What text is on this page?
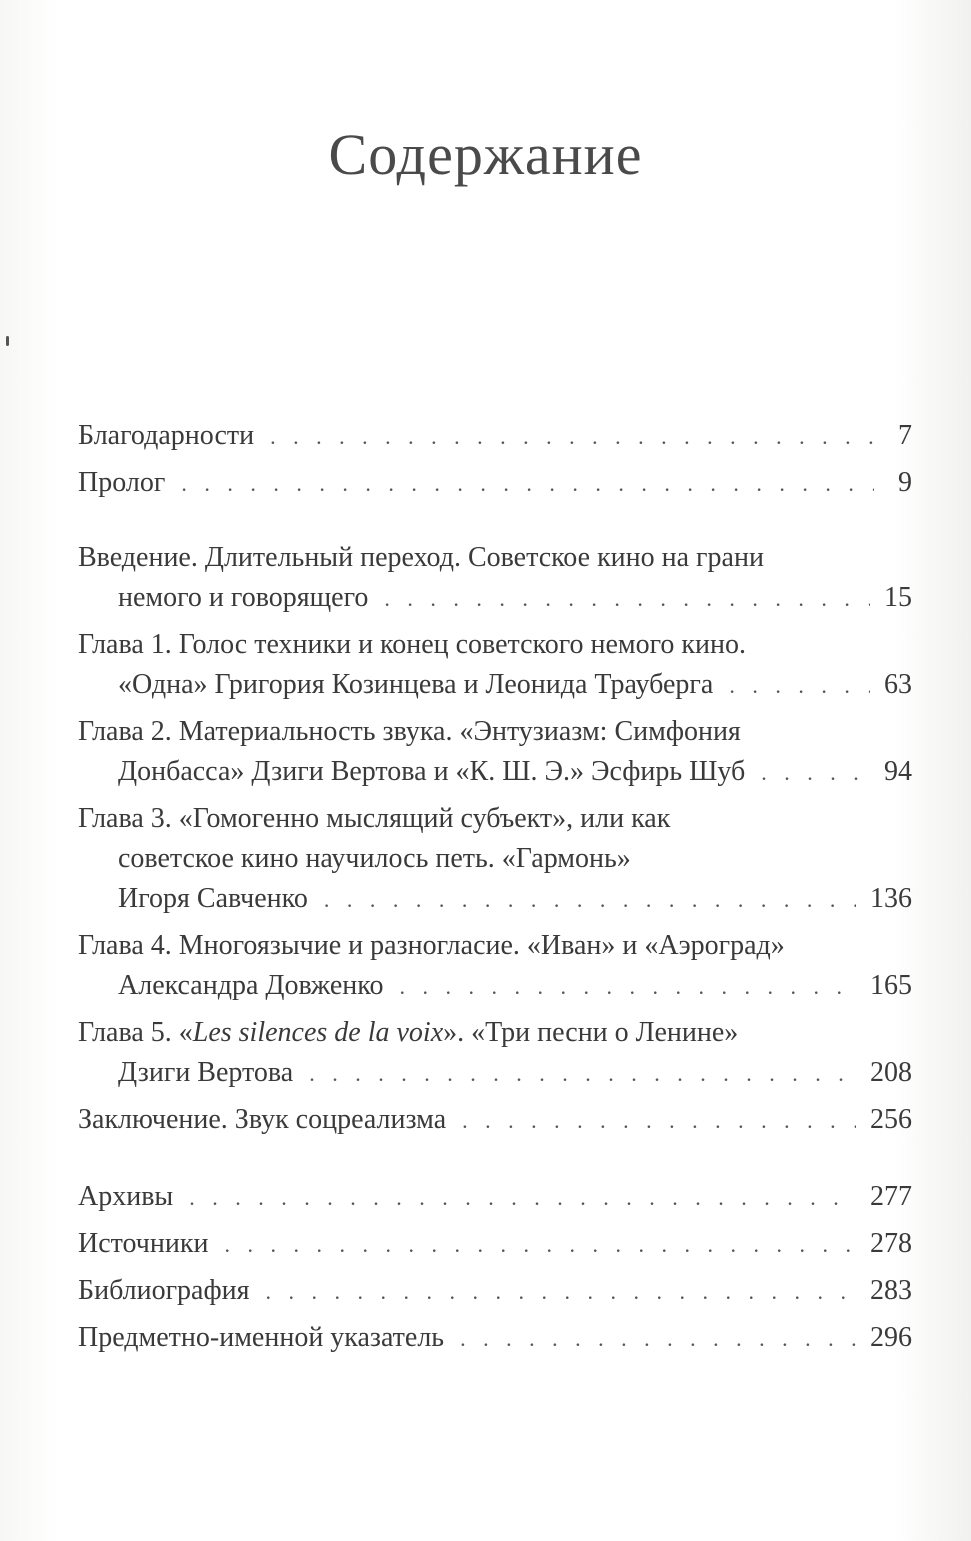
Содержание
Благодарности . . .	7
Пролог . . .	9
Введение. Длительный переход. Советское кино на грани
немого и говорящего . . .	15
Глава 1. Голос техники и конец советского немого кино.
«Одна» Григория Козинцева и Леонида Трауберга . . .	63
Глава 2. Материальность звука. «Энтузиазм: Симфония
Донбасса» Дзиги Вертова и «К. Ш. Э.» Эсфирь Шуб . . .	94
Глава 3. «Гомогенно мыслящий субъект», или как
советское кино научилось петь. «Гармонь»
Игоря Савченко . . .	136
Глава 4. Многоязычие и разногласие. «Иван» и «Аэроград»
Александра Довженко . . .	165
Глава 5. «Les silences de la voix». «Три песни о Ленине»
Дзиги Вертова . . .	208
Заключение. Звук соцреализма . . .	256
Архивы . . .	277
Источники . . .	278
Библиография . . .	283
Предметно-именной указатель . . .	296
